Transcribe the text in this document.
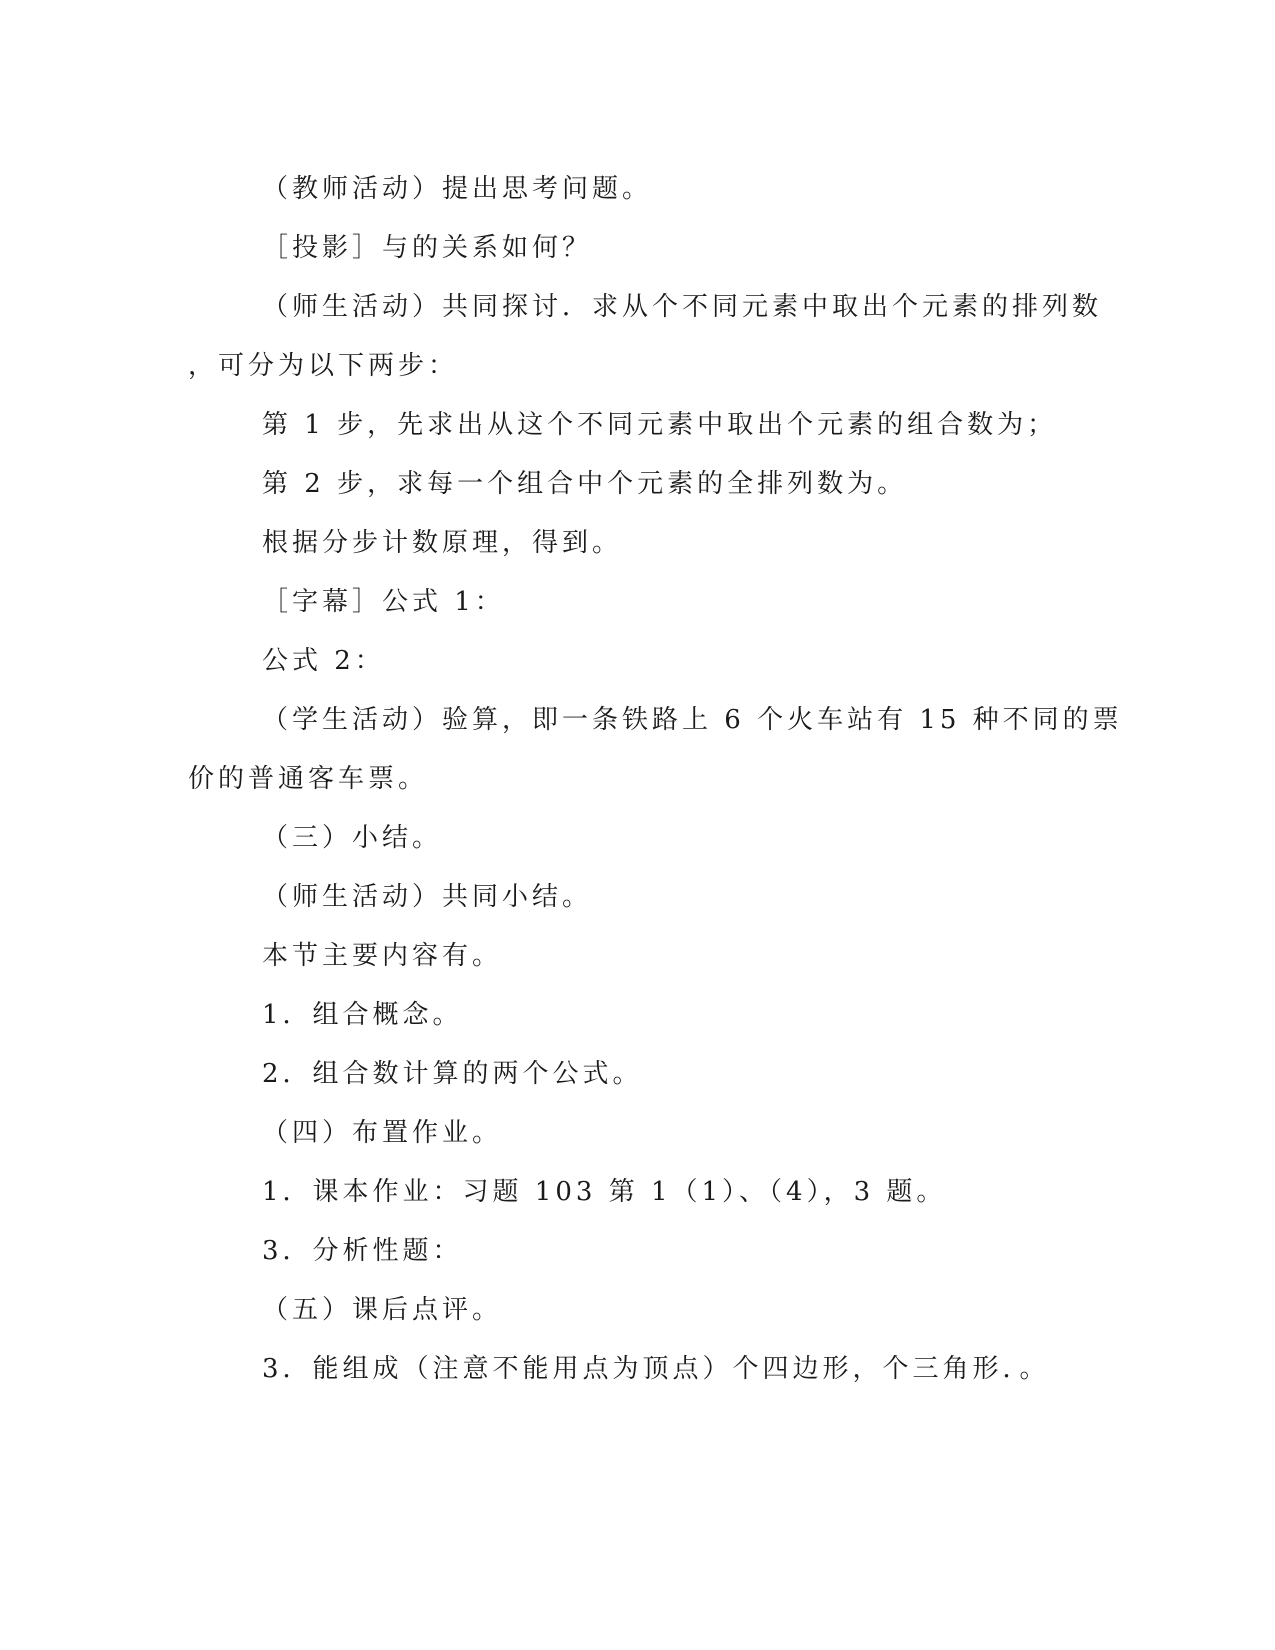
（教师活动）提出思考问题。
［投影］与的关系如何？
（师生活动）共同探讨．求从个不同元素中取出个元素的排列数
，可分为以下两步：
第 1 步，先求出从这个不同元素中取出个元素的组合数为；
第 2 步，求每一个组合中个元素的全排列数为。
根据分步计数原理，得到。
［字幕］公式 1：
公式 2：
（学生活动）验算，即一条铁路上 6 个火车站有 15 种不同的票
价的普通客车票。
（三）小结。
（师生活动）共同小结。
本节主要内容有。
1．组合概念。
2．组合数计算的两个公式。
（四）布置作业。
1．课本作业：习题 103 第 1（1）、（4），3 题。
3．分析性题：
（五）课后点评。
3．能组成（注意不能用点为顶点）个四边形，个三角形．。
